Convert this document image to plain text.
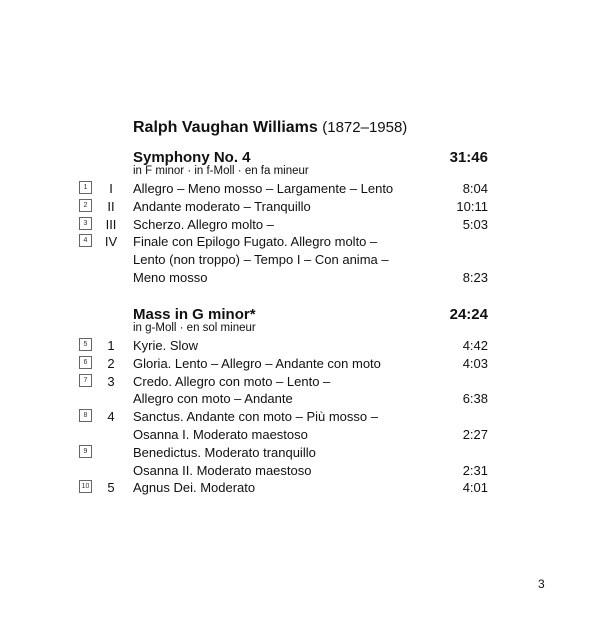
Ralph Vaughan Williams (1872–1958)
Symphony No. 4	31:46
in F minor · in f-Moll · en fa mineur
1	I	Allegro – Meno mosso – Largamente – Lento	8:04
2	II	Andante moderato – Tranquillo	10:11
3	III	Scherzo. Allegro molto –	5:03
4	IV	Finale con Epilogo Fugato. Allegro molto –
Lento (non troppo) – Tempo I – Con anima –
Meno mosso	8:23
Mass in G minor*	24:24
in g-Moll · en sol mineur
5	1	Kyrie. Slow	4:42
6	2	Gloria. Lento – Allegro – Andante con moto	4:03
7	3	Credo. Allegro con moto – Lento –
Allegro con moto – Andante	6:38
8	4	Sanctus. Andante con moto – Più mosso –
Osanna I. Moderato maestoso	2:27
9	Benedictus. Moderato tranquillo
Osanna II. Moderato maestoso	2:31
10	5	Agnus Dei. Moderato	4:01
3
